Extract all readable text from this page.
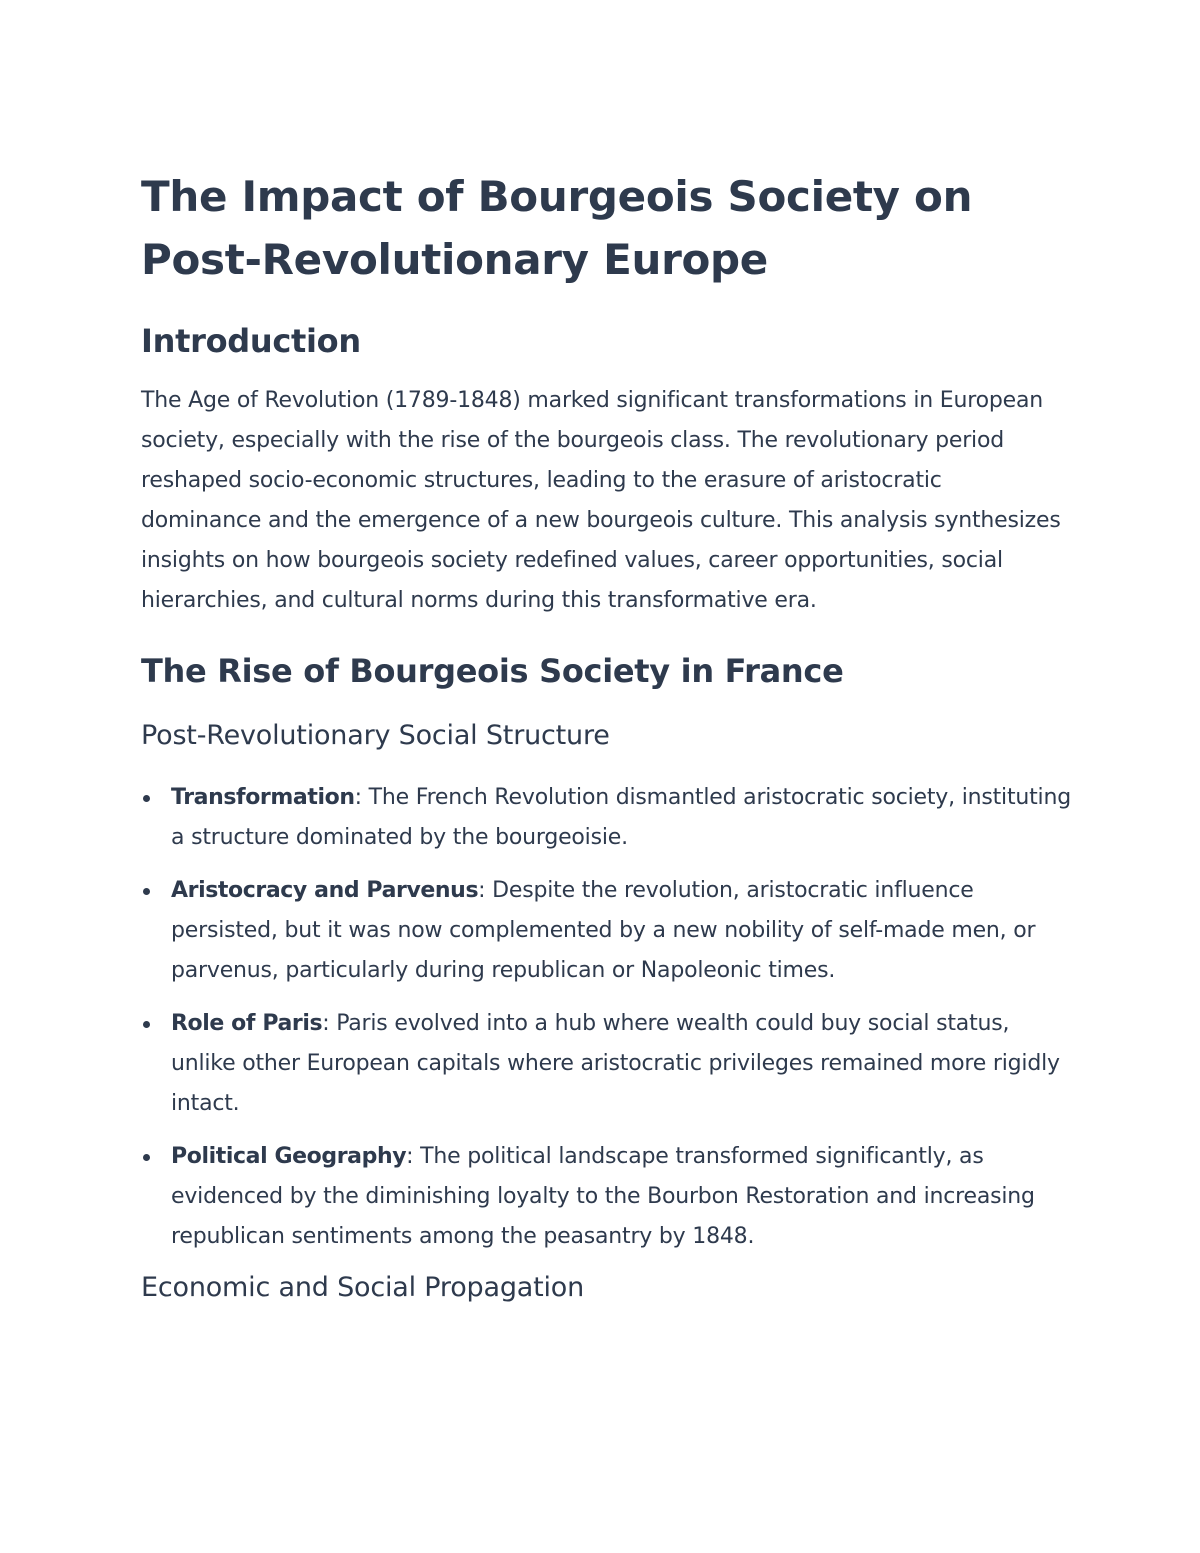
The Impact of Bourgeois Society on Post-Revolutionary Europe
Introduction

The Age of Revolution (1789-1848) marked significant transformations in European society, especially with the rise of the bourgeois class. The revolutionary period reshaped socio-economic structures, leading to the erasure of aristocratic dominance and the emergence of a new bourgeois culture. This analysis synthesizes insights on how bourgeois society redefined values, career opportunities, social hierarchies, and cultural norms during this transformative era.

The Rise of Bourgeois Society in France
Post-Revolutionary Social Structure
Transformation: The French Revolution dismantled aristocratic society, instituting a structure dominated by the bourgeoisie.
Aristocracy and Parvenus: Despite the revolution, aristocratic influence persisted, but it was now complemented by a new nobility of self-made men, or parvenus, particularly during republican or Napoleonic times.
Role of Paris: Paris evolved into a hub where wealth could buy social status, unlike other European capitals where aristocratic privileges remained more rigidly intact.
Political Geography: The political landscape transformed significantly, as evidenced by the diminishing loyalty to the Bourbon Restoration and increasing republican sentiments among the peasantry by 1848.
Economic and Social Propagation
